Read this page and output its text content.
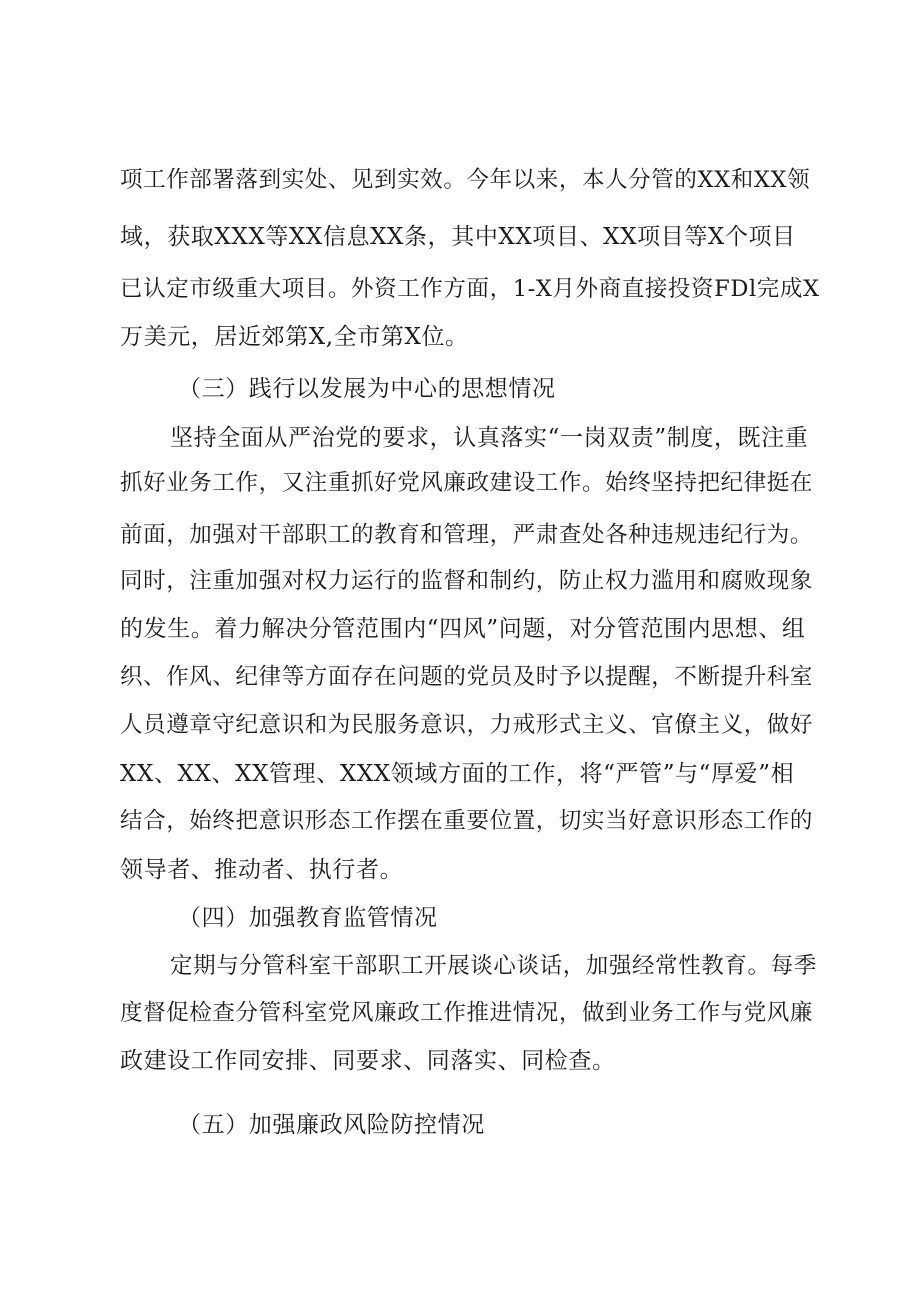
项工作部署落到实处、见到实效。今年以来，本人分管的XX和XX领
域，获取XXX等XX信息XX条，其中XX项目、XX项目等X个项目
已认定市级重大项目。外资工作方面，1-X月外商直接投资FDl完成X
万美元，居近郊第X,全市第X位。
（三）践行以发展为中心的思想情况
坚持全面从严治党的要求，认真落实“一岗双责”制度，既注重
抓好业务工作，又注重抓好党风廉政建设工作。始终坚持把纪律挺在
前面，加强对干部职工的教育和管理，严肃查处各种违规违纪行为。
同时，注重加强对权力运行的监督和制约，防止权力滥用和腐败现象
的发生。着力解决分管范围内“四风”问题，对分管范围内思想、组
织、作风、纪律等方面存在问题的党员及时予以提醒，不断提升科室
人员遵章守纪意识和为民服务意识，力戒形式主义、官僚主义，做好
XX、XX、XX管理、XXX领域方面的工作，将“严管”与“厚爱”相
结合，始终把意识形态工作摆在重要位置，切实当好意识形态工作的
领导者、推动者、执行者。
（四）加强教育监管情况
定期与分管科室干部职工开展谈心谈话，加强经常性教育。每季
度督促检查分管科室党风廉政工作推进情况，做到业务工作与党风廉
政建设工作同安排、同要求、同落实、同检查。
（五）加强廉政风险防控情况
